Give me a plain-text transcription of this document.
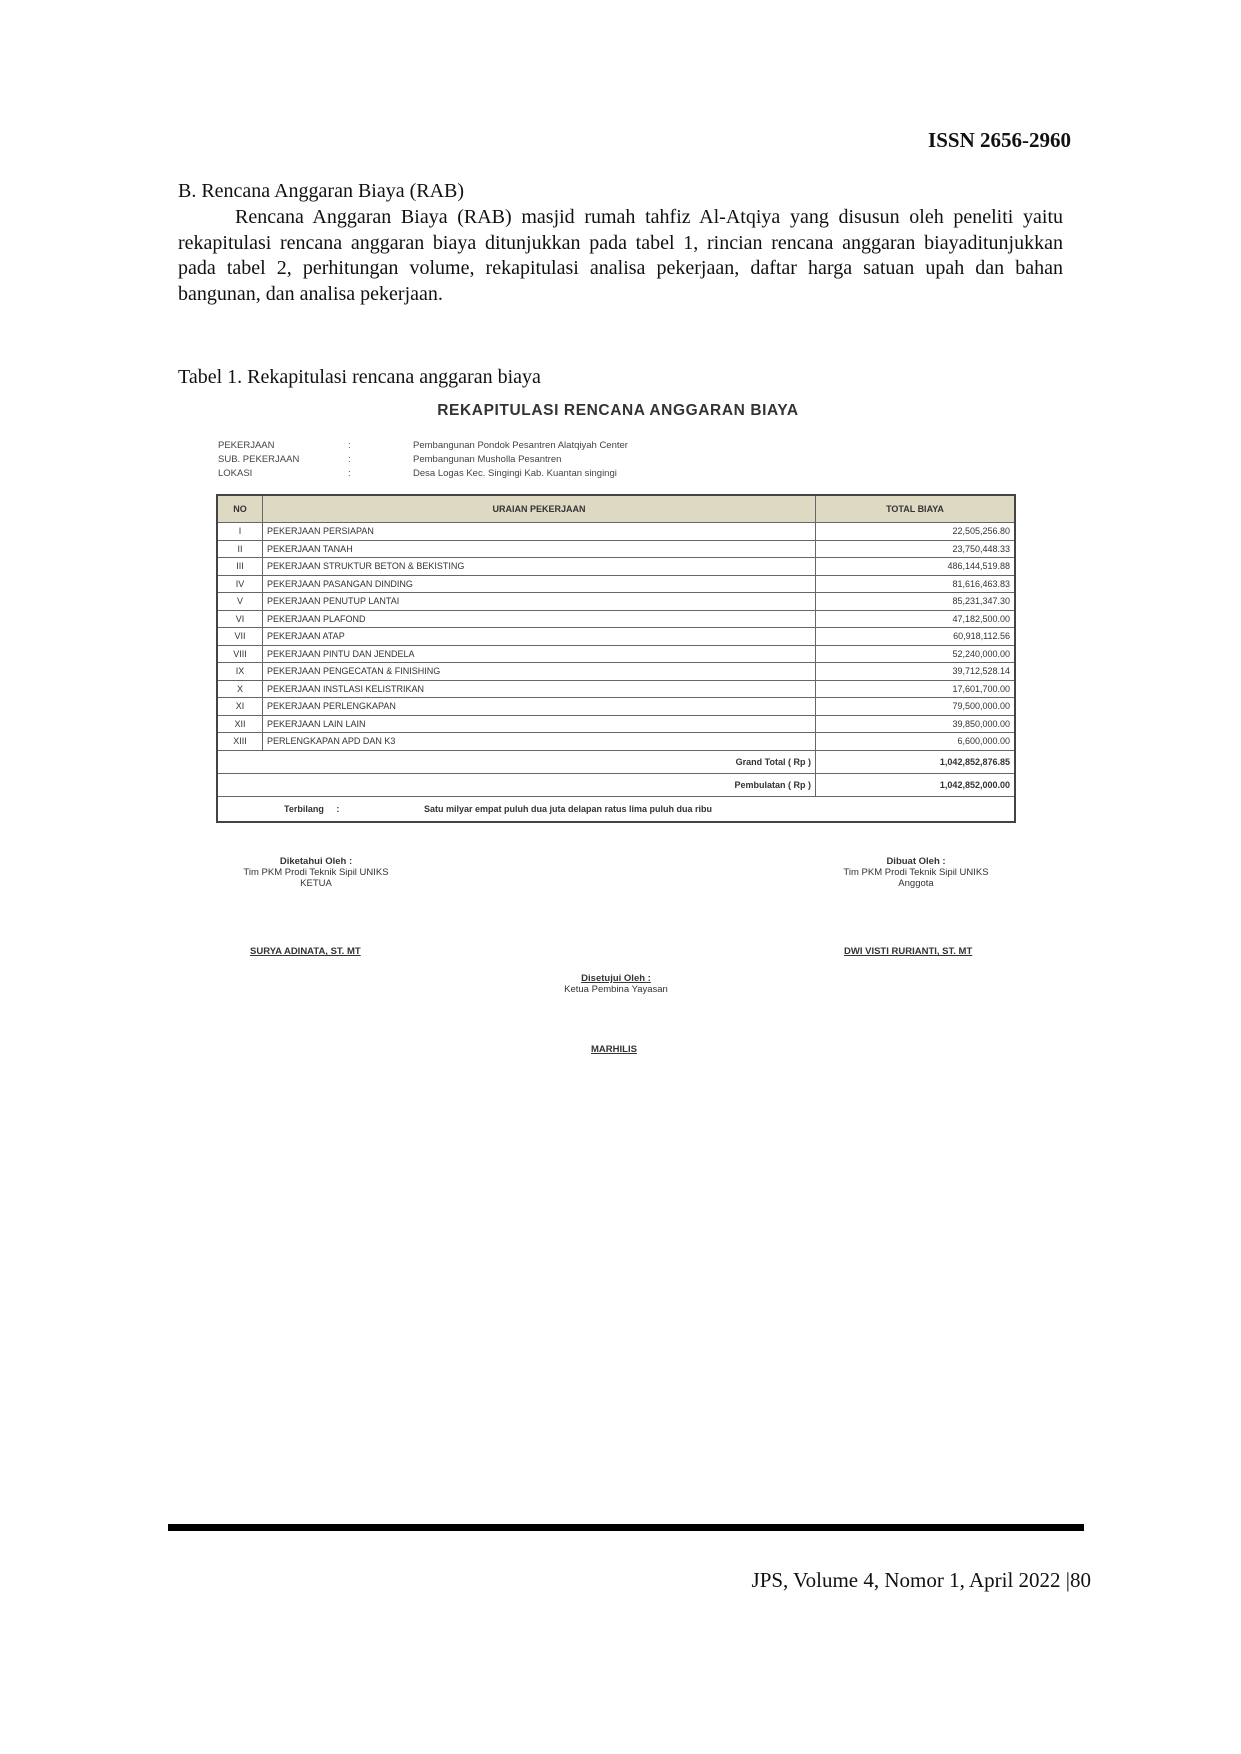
ISSN 2656-2960
B. Rencana Anggaran Biaya (RAB)

Rencana Anggaran Biaya (RAB) masjid rumah tahfiz Al-Atqiya yang disusun oleh peneliti yaitu rekapitulasi rencana anggaran biaya ditunjukkan pada tabel 1, rincian rencana anggaran biayaditunjukkan pada tabel 2, perhitungan volume, rekapitulasi analisa pekerjaan, daftar harga satuan upah dan bahan bangunan, dan analisa pekerjaan.

Tabel 1. Rekapitulasi rencana anggaran biaya
REKAPITULASI RENCANA ANGGARAN BIAYA
PEKERJAAN	:	Pembangunan Pondok Pesantren Alatqiyah Center
SUB. PEKERJAAN	:	Pembangunan Musholla Pesantren
LOKASI	:	Desa Logas Kec. Singingi Kab. Kuantan singingi
NO	URAIAN PEKERJAAN	TOTAL BIAYA
I	PEKERJAAN PERSIAPAN	22,505,256.80
II	PEKERJAAN TANAH	23,750,448.33
III	PEKERJAAN STRUKTUR BETON & BEKISTING	486,144,519.88
IV	PEKERJAAN PASANGAN DINDING	81,616,463.83
V	PEKERJAAN PENUTUP LANTAI	85,231,347.30
VI	PEKERJAAN PLAFOND	47,182,500.00
VII	PEKERJAAN ATAP	60,918,112.56
VIII	PEKERJAAN PINTU DAN JENDELA	52,240,000.00
IX	PEKERJAAN PENGECATAN & FINISHING	39,712,528.14
X	PEKERJAAN INSTLASI KELISTRIKAN	17,601,700.00
XI	PEKERJAAN PERLENGKAPAN	79,500,000.00
XII	PEKERJAAN LAIN LAIN	39,850,000.00
XIII	PERLENGKAPAN APD DAN K3	6,600,000.00
Grand Total ( Rp )		1,042,852,876.85
Pembulatan ( Rp )		1,042,852,000.00
Terbilang : Satu milyar empat puluh dua juta delapan ratus lima puluh dua ribu		
Diketahui Oleh :
Tim PKM Prodi Teknik Sipil UNIKS
KETUA
SURYA ADINATA, ST. MT
Dibuat Oleh :
Tim PKM Prodi Teknik Sipil UNIKS
Anggota
DWI VISTI RURIANTI, ST. MT
Disetujui Oleh :
Ketua Pembina Yayasan
MARHILIS
JPS, Volume 4, Nomor 1, April 2022 |80
